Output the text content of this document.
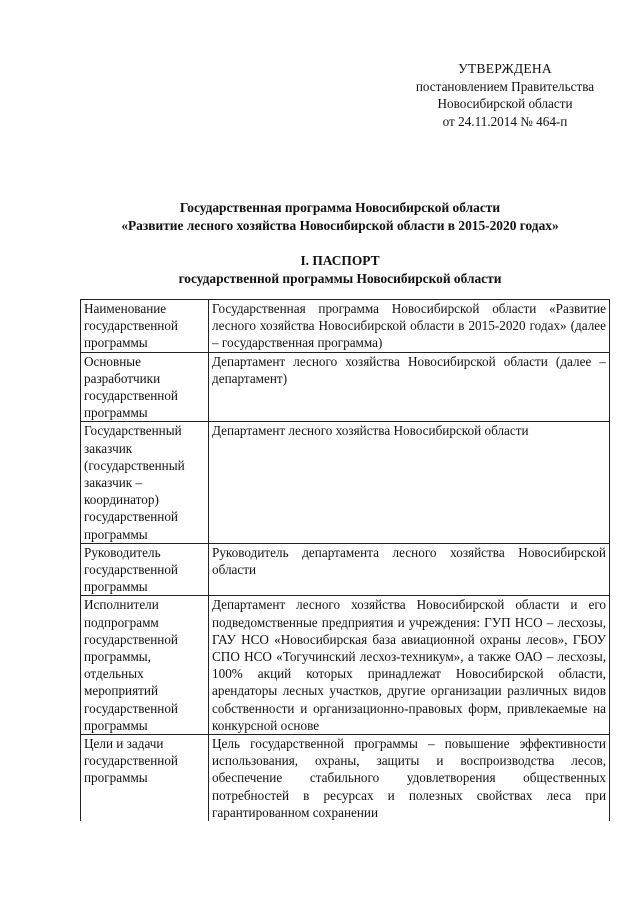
УТВЕРЖДЕНА
постановлением Правительства
Новосибирской области
от 24.11.2014 № 464-п
Государственная программа Новосибирской области
«Развитие лесного хозяйства Новосибирской области в 2015-2020 годах»
I. ПАСПОРТ
государственной программы Новосибирской области
Наименование государственной программы	Государственная программа Новосибирской области «Развитие лесного хозяйства Новосибирской области в 2015-2020 годах» (далее – государственная программа)
Основные разработчики государственной программы	Департамент лесного хозяйства Новосибирской области (далее – департамент)
Государственный заказчик (государственный заказчик – координатор) государственной программы	Департамент лесного хозяйства Новосибирской области
Руководитель государственной программы	Руководитель департамента лесного хозяйства Новосибирской области
Исполнители подпрограмм государственной программы, отдельных мероприятий государственной программы	Департамент лесного хозяйства Новосибирской области и его подведомственные предприятия и учреждения: ГУП НСО – лесхозы, ГАУ НСО «Новосибирская база авиационной охраны лесов», ГБОУ СПО НСО «Тогучинский лесхоз-техникум», а также ОАО – лесхозы, 100% акций которых принадлежат Новосибирской области, арендаторы лесных участков, другие организации различных видов собственности и организационно-правовых форм, привлекаемые на конкурсной основе
Цели и задачи государственной программы	Цель государственной программы – повышение эффективности использования, охраны, защиты и воспроизводства лесов, обеспечение стабильного удовлетворения общественных потребностей в ресурсах и полезных свойствах леса при гарантированном сохранении
